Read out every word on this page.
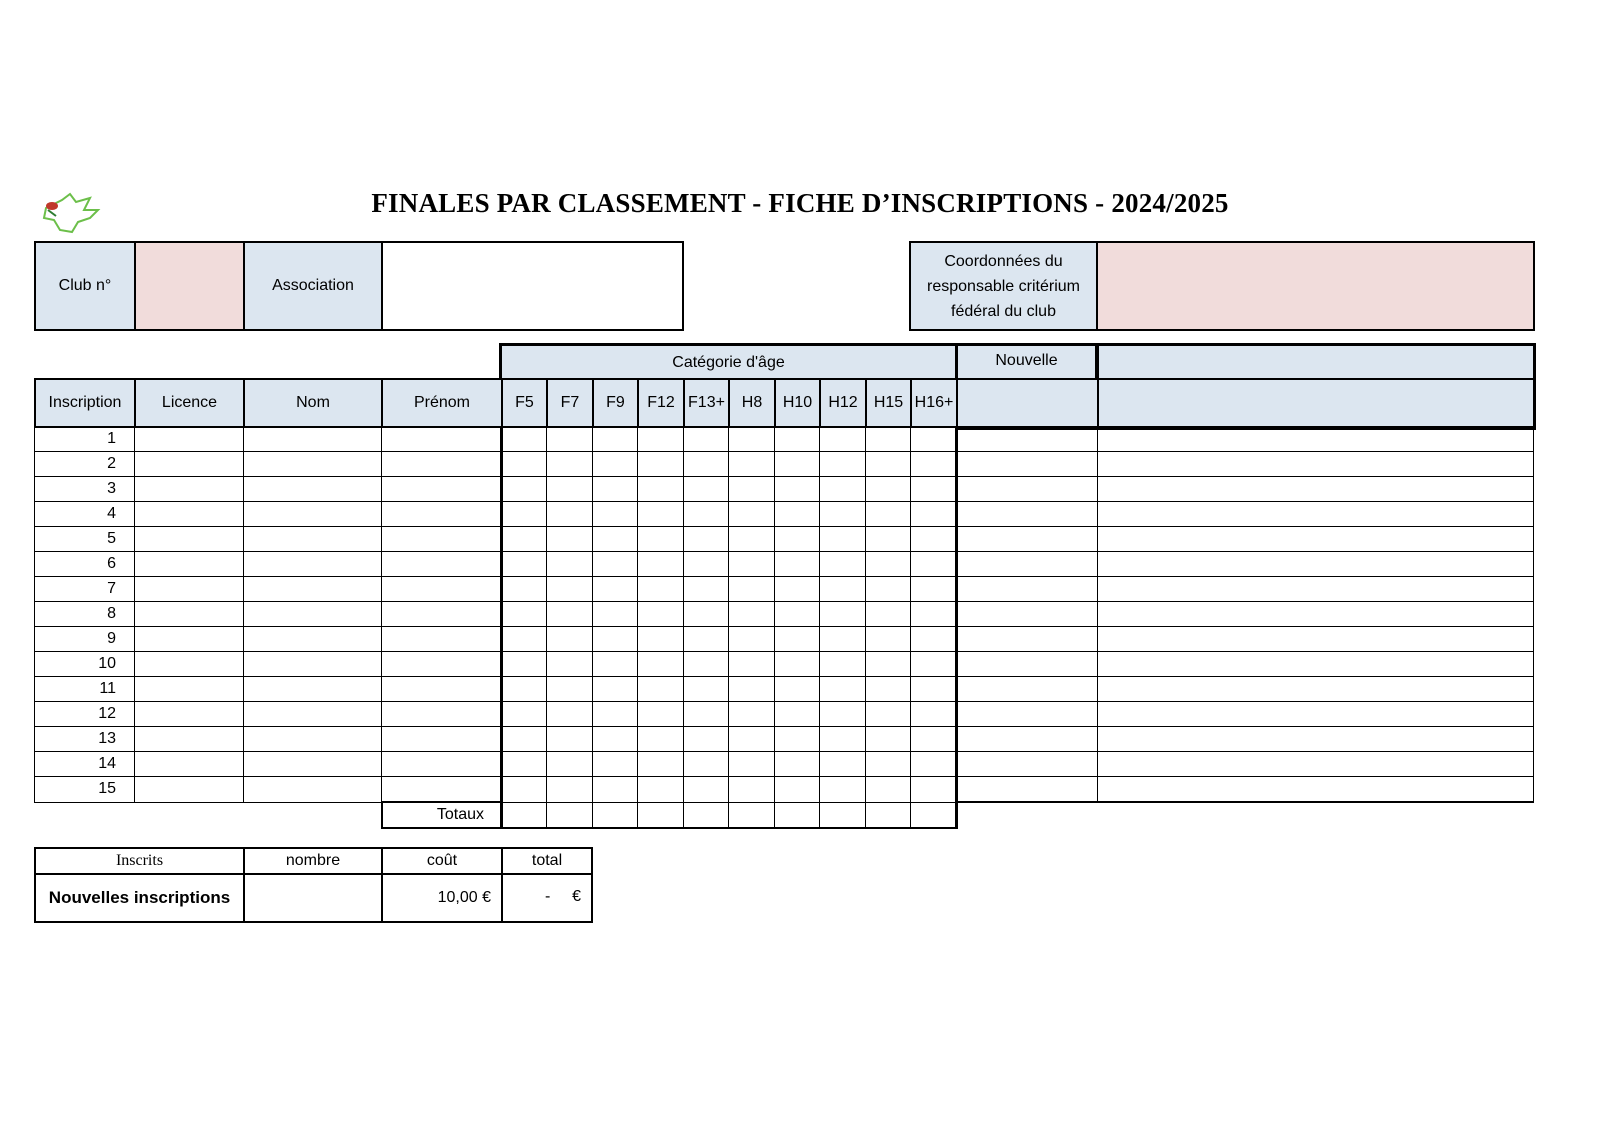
FINALES PAR CLASSEMENT - FICHE D’INSCRIPTIONS - 2024/2025
Club n°		Association	
Coordonnées du
responsable critérium
fédéral du club

Catégorie d'âge	Nouvelle
Inscription	Licence	Nom	Prénom	F5	F7	F9	F12	F13+	H8	H10	H12	H15	H16+		
1															
2															
3															
4															
5															
6															
7															
8															
9															
10															
11															
12															
13															
14															
15															
			Totaux												
Inscrits	nombre	coût	total
Nouvelles inscriptions		10,00 €	- €
